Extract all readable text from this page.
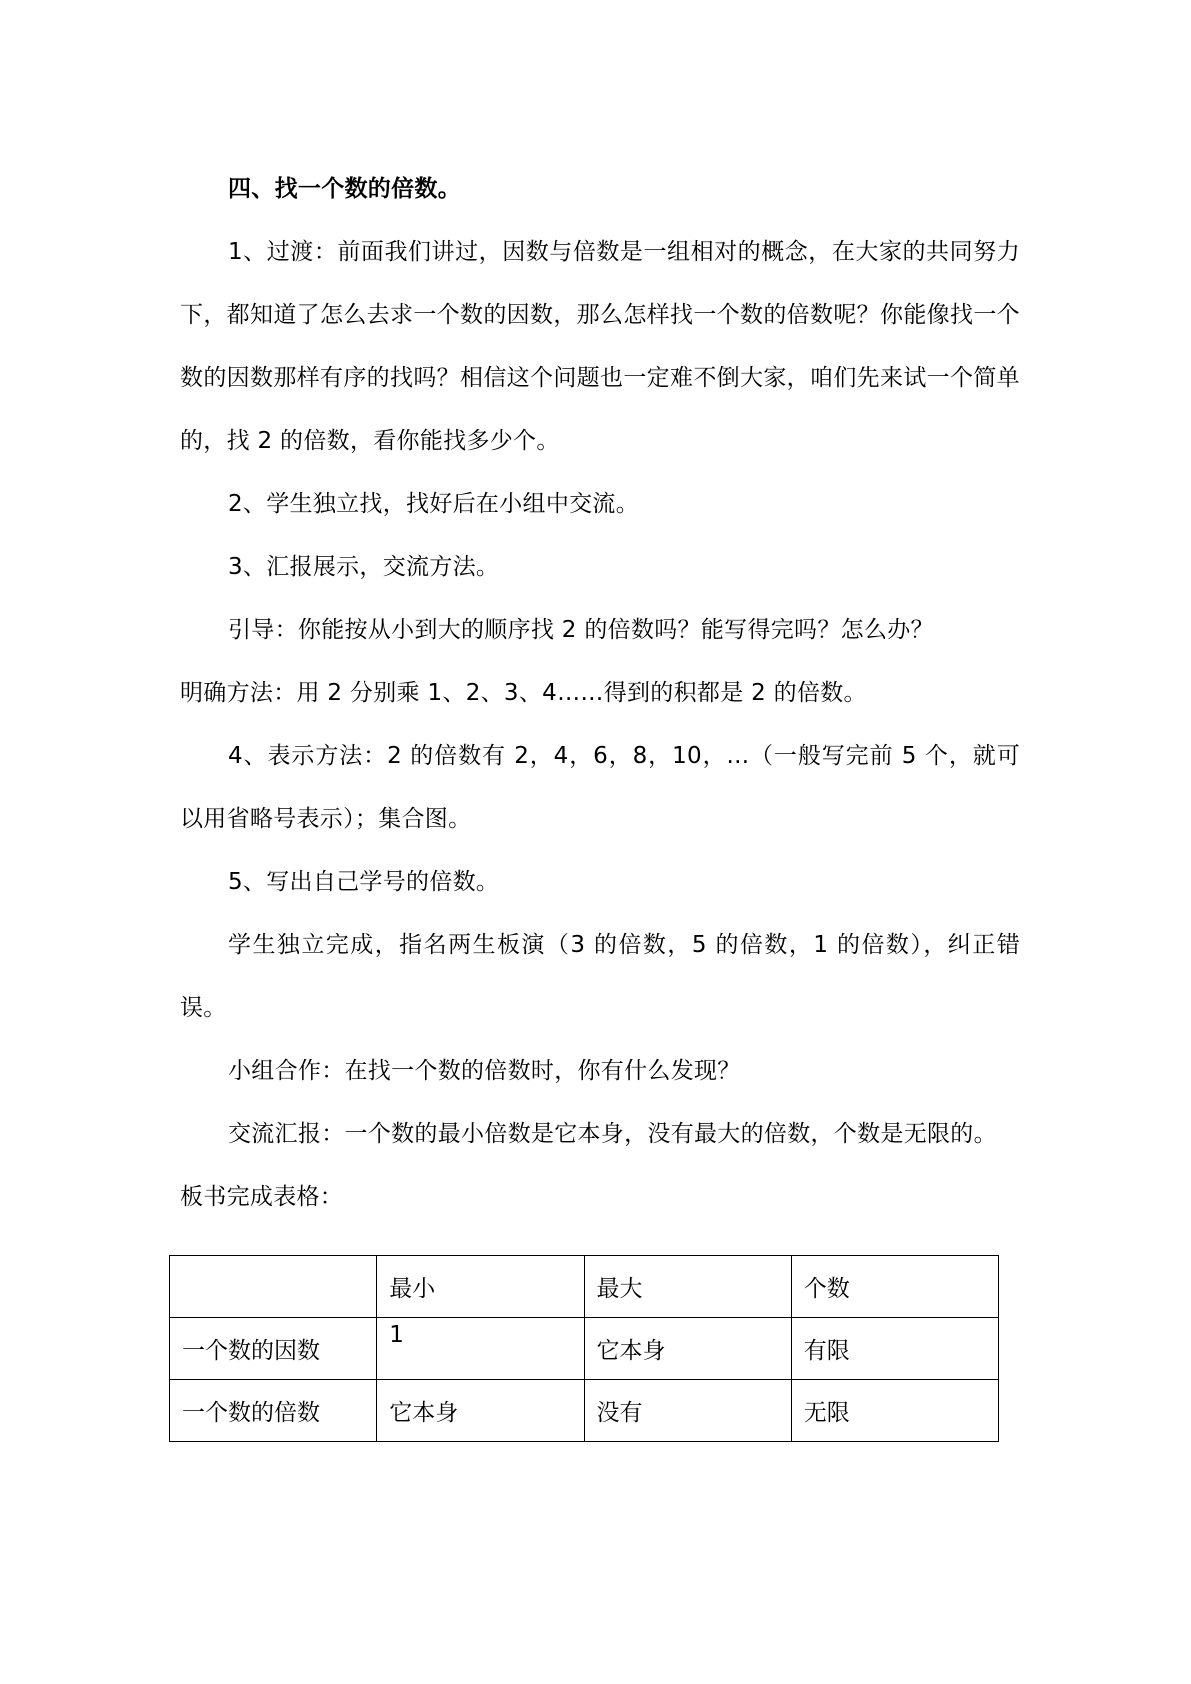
四、找一个数的倍数。

1、过渡：前面我们讲过，因数与倍数是一组相对的概念，在大家的共同努力下，都知道了怎么去求一个数的因数，那么怎样找一个数的倍数呢？你能像找一个数的因数那样有序的找吗？相信这个问题也一定难不倒大家，咱们先来试一个简单的，找 2 的倍数，看你能找多少个。

2、学生独立找，找好后在小组中交流。

3、汇报展示，交流方法。

引导：你能按从小到大的顺序找 2 的倍数吗？能写得完吗？怎么办？

明确方法：用 2 分别乘 1、2、3、4……得到的积都是 2 的倍数。

4、表示方法：2 的倍数有 2，4，6，8，10，...（一般写完前 5 个，就可以用省略号表示）；集合图。

5、写出自己学号的倍数。

学生独立完成，指名两生板演（3 的倍数，5 的倍数，1 的倍数），纠正错误。

小组合作：在找一个数的倍数时，你有什么发现？

交流汇报：一个数的最小倍数是它本身，没有最大的倍数，个数是无限的。

板书完成表格：

	最小	最大	个数
一个数的因数	1	它本身	有限
一个数的倍数	它本身	没有	无限
